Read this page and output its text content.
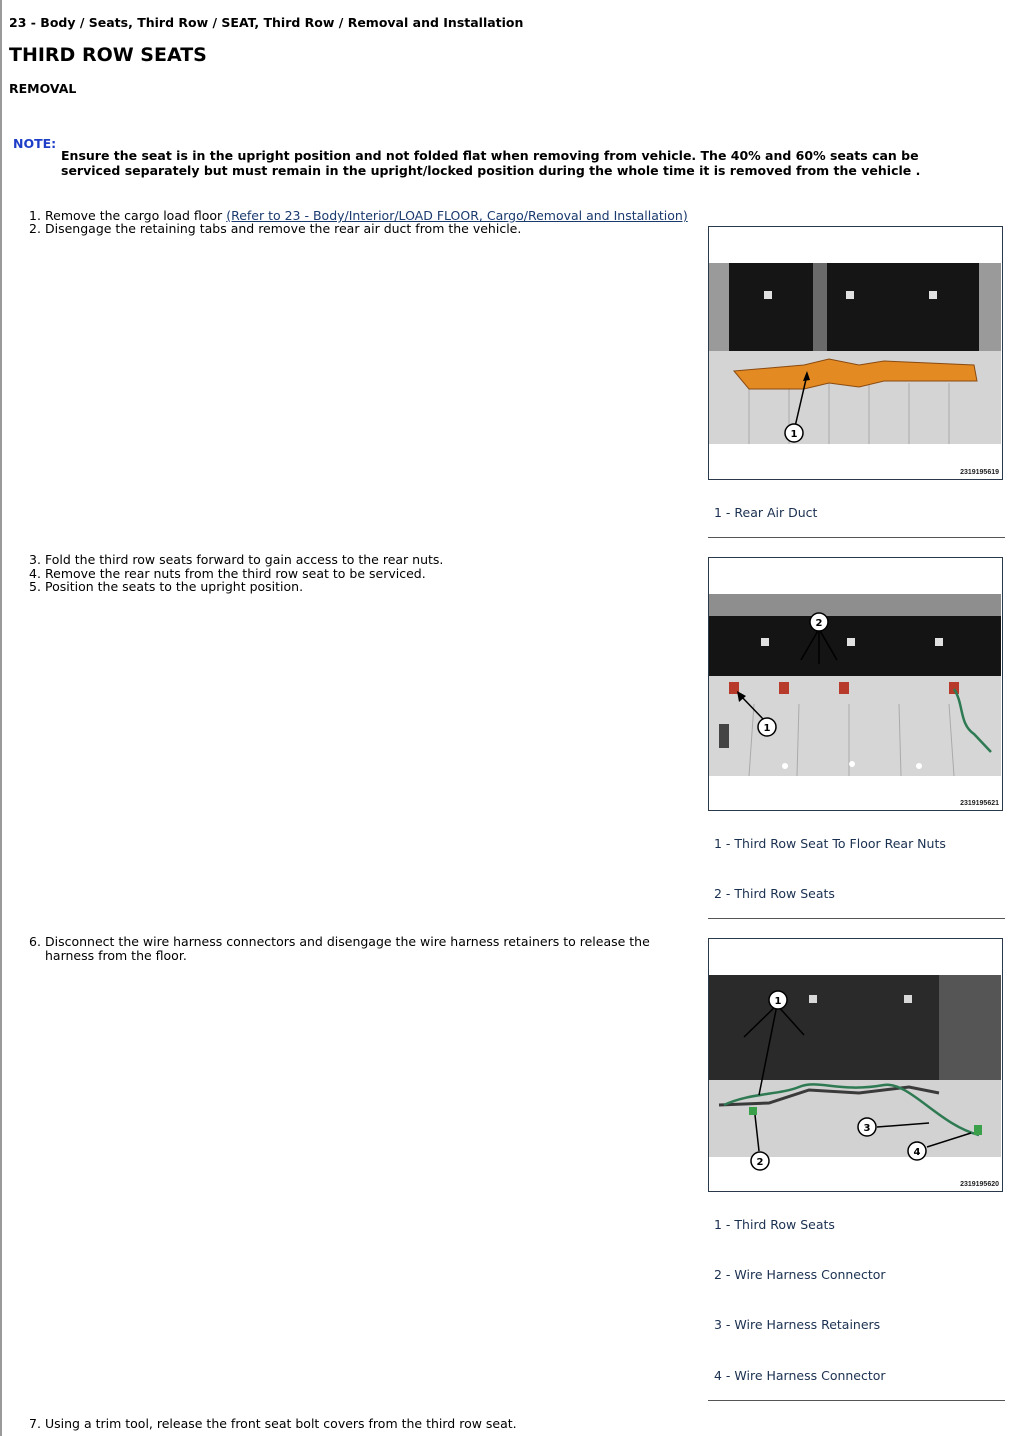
23 - Body / Seats, Third Row / SEAT, Third Row / Removal and Installation
THIRD ROW SEATS
REMOVAL
NOTE:
Ensure the seat is in the upright position and not folded flat when removing from vehicle. The 40% and 60% seats can be serviced separately but must remain in the upright/locked position during the whole time it is removed from the vehicle .
1. Remove the cargo load floor (Refer to 23 - Body/Interior/LOAD FLOOR, Cargo/Removal and Installation)
2. Disengage the retaining tabs and remove the rear air duct from the vehicle.
3. Fold the third row seats forward to gain access to the rear nuts.
4. Remove the rear nuts from the third row seat to be serviced.
5. Position the seats to the upright position.
6. Disconnect the wire harness connectors and disengage the wire harness retainers to release the harness from the floor.
7. Using a trim tool, release the front seat bolt covers from the third row seat.
1
2319195619
1 - Rear Air Duct
2
1
2319195621
1 - Third Row Seat To Floor Rear Nuts
2 - Third Row Seats
1
2
3
4
2319195620
1 - Third Row Seats
2 - Wire Harness Connector
3 - Wire Harness Retainers
4 - Wire Harness Connector
